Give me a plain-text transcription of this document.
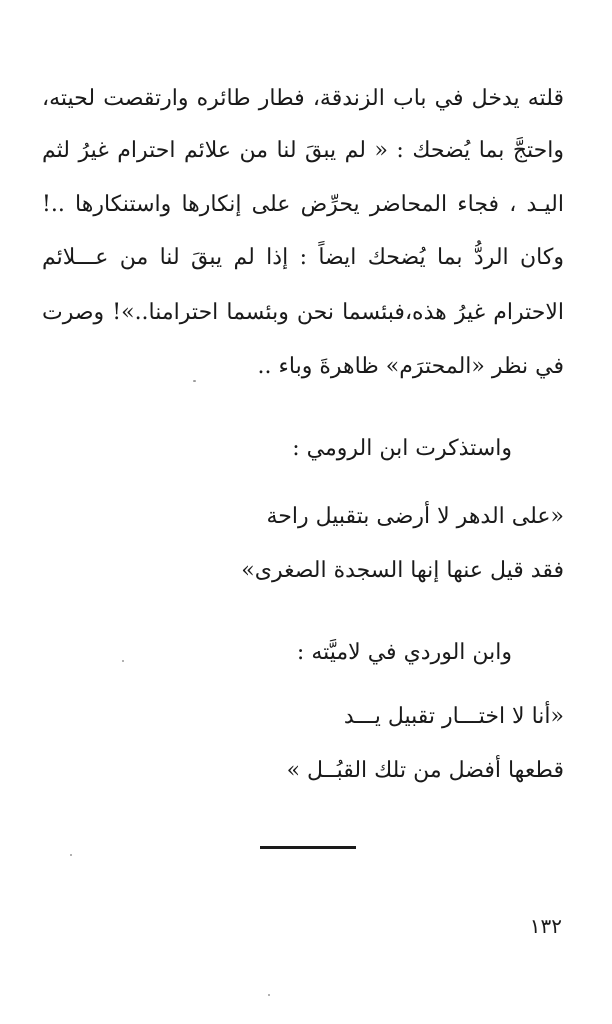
قلته يدخل في باب الزندقة، فطار طائره وارتقصت لحيته،
واحتجَّ بما يُضحك : « لم يبقَ لنا من علائم احترام غيرُ لثم
اليـد ، فجاء المحاضر يحرِّض على إنكارها واستنكارها ..!
وكان الردُّ بما يُضحك ايضاً : إذا لم يبقَ لنا من عـــلائم
الاحترام غيرُ هذه،فبئسما نحن وبئسما احترامنا..»! وصرت
في نظر «المحترَم» ظاهرةَ وباء ..
واستذكرت ابن الرومي :
«على الدهر لا أرضى بتقبيل راحة
فقد قيل عنها إنها السجدة الصغرى»
وابن الوردي في لاميَّته :
«أنا لا اختـــار تقبيل يـــد
قطعها أفضل من تلك القبُــل »
١٣٢
